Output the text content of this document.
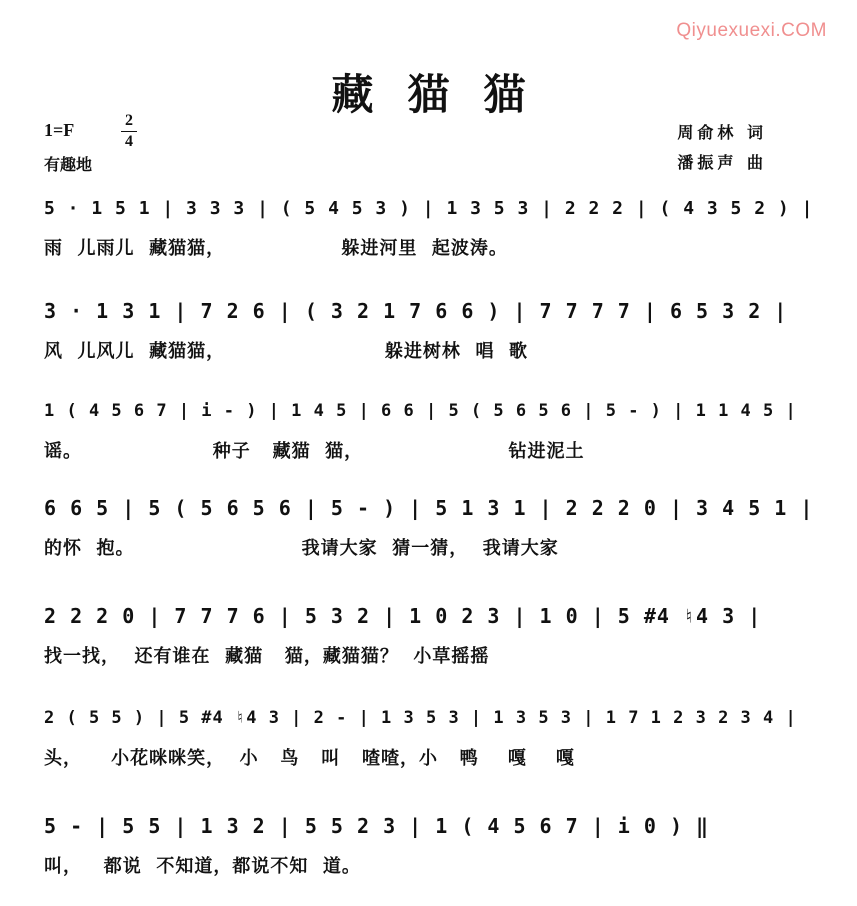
Qiyuexuexi.COM
藏猫猫
1=F	2
4
有趣地
周俞林 词
潘振声 曲
5 · 1 5 1 | 3 3 3 | ( 5 4 5 3 ) | 1 3 5 3 | 2 2 2 | ( 4 3 5 2 ) |
雨  儿雨儿  藏猫猫，                躲进河里  起波涛。
3 · 1 3 1 | 7 2 6 | ( 3 2 1 7 6 6 ) | 7 7 7 7 | 6 5 3 2 |
风  儿风儿  藏猫猫，                      躲进树林  唱  歌
1 ( 4 5 6 7 | i - ) | 1 4 5 | 6 6 | 5 ( 5 6 5 6 | 5 - ) | 1 1 4 5 |
谣。                  种子   藏猫  猫，                    钻进泥土
6 6 5 | 5 ( 5 6 5 6 | 5 - ) | 5 1 3 1 | 2 2 2 0 | 3 4 5 1 |
的怀  抱。                       我请大家  猜一猜，  我请大家
2 2 2 0 | 7 7 7 6 | 5 3 2 | 1 0 2 3 | 1 0 | 5 #4 ♮4 3 |
找一找，  还有谁在  藏猫   猫，藏猫猫？  小草摇摇
2 ( 5 5 ) | 5 #4 ♮4 3 | 2 - | 1 3 5 3 | 1 3 5 3 | 1 7 1 2 3 2 3 4 |
头，    小花咪咪笑，  小   鸟   叫   喳喳，小   鸭    嘎    嘎
5 - | 5 5 | 1 3 2 | 5 5 2 3 | 1 ( 4 5 6 7 | i 0 ) ‖
叫，   都说  不知道，都说不知  道。
